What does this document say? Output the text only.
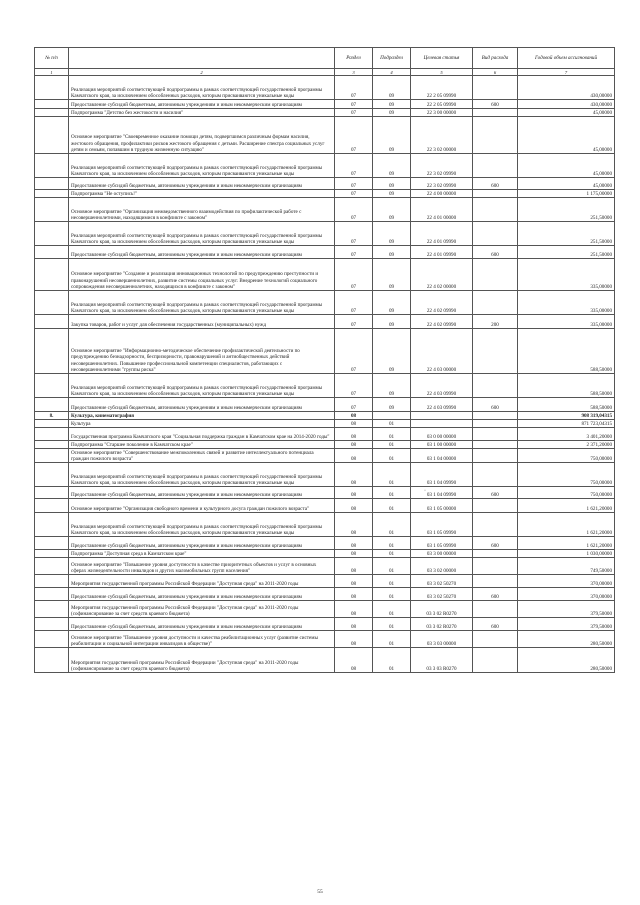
№ п/п		Раздел	Подраздел	Целевая статья	Вид расхода	Годовой объем ассигнований
1	2	3	4	5	6	7
	Реализация мероприятий соответствующей подпрограммы в рамках соответствующей государственной программы Камчатского края, за исключением обособленных расходов, которым присваиваются уникальные коды	07	09	22 2 05 09990		430,00000
	Предоставление субсидий бюджетным, автономным учреждениям и иным некоммерческим организациям	07	09	22 2 05 09990	600	430,00000
	Подпрограмма "Детство без жестокости и насилия"	07	09	22 3 00 00000		45,00000
	Основное мероприятие "Своевременное оказание помощи детям, подвергшимся различным формам насилия, жестокого обращения, профилактики рисков жестокого обращения с детьми. Расширение спектра социальных услуг детям и семьям, попавшим в трудную жизненную ситуацию"	07	09	22 3 02 00000		45,00000
	Реализация мероприятий соответствующей подпрограммы в рамках соответствующей государственной программы Камчатского края, за исключением обособленных расходов, которым присваиваются уникальные коды	07	09	22 3 02 09990		45,00000
	Предоставление субсидий бюджетным, автономным учреждениям и иным некоммерческим организациям	07	09	22 3 02 09990	600	45,00000
	Подпрограмма "Не оступись!"	07	09	22 4 00 00000		1 175,00000
	Основное мероприятие "Организация межведомственного взаимодействия по профилактической работе с несовершеннолетними, находящимися в конфликте с законом"	07	09	22 4 01 00000		251,50000
	Реализация мероприятий соответствующей подпрограммы в рамках соответствующей государственной программы Камчатского края, за исключением обособленных расходов, которым присваиваются уникальные коды	07	09	22 4 01 09990		251,50000
	Предоставление субсидий бюджетным, автономным учреждениям и иным некоммерческим организациям	07	09	22 4 01 09990	600	251,50000
	Основное мероприятие "Создание и реализация инновационных технологий по предупреждению преступности и правонарушений несовершеннолетних, развитие системы социальных услуг. Внедрение технологий социального сопровождения несовершеннолетних, находящихся в конфликте с законом"	07	09	22 4 02 00000		335,00000
	Реализация мероприятий соответствующей подпрограммы в рамках соответствующей государственной программы Камчатского края, за исключением обособленных расходов, которым присваиваются уникальные коды	07	09	22 4 02 09990		335,00000
	Закупка товаров, работ и услуг для обеспечения государственных (муниципальных) нужд	07	09	22 4 02 09990	200	335,00000
	Основное мероприятие "Информационно-методическое обеспечение профилактической деятельности по предупреждению безнадзорности, беспризорности, правонарушений и антиобщественных действий несовершеннолетних. Повышение профессиональной компетенции специалистов, работающих с несовершеннолетними "группы риска"	07	09	22 4 03 00000		588,50000
	Реализация мероприятий соответствующей подпрограммы в рамках соответствующей государственной программы Камчатского края, за исключением обособленных расходов, которым присваиваются уникальные коды	07	09	22 4 03 09990		588,50000
	Предоставление субсидий бюджетным, автономным учреждениям и иным некоммерческим организациям	07	09	22 4 03 09990	600	588,50000
8.	Культура, кинематография	08				908 319,04315
	Культура	08	01			871 723,04315
	Государственная программа Камчатского края "Социальная поддержка граждан в Камчатском крае на 2014-2020 годы"	08	01	03 0 00 00000		3 401,20000
	Подпрограмма "Старшее поколение в Камчатском крае"	08	01	03 1 00 00000		2 371,20000
	Основное мероприятие "Совершенствование межпоколенных связей и развитие интеллектуального потенциала граждан пожилого возраста"	08	01	03 1 04 00000		750,00000
	Реализация мероприятий соответствующей подпрограммы в рамках соответствующей государственной программы Камчатского края, за исключением обособленных расходов, которым присваиваются уникальные коды	08	01	03 1 04 09990		750,00000
	Предоставление субсидий бюджетным, автономным учреждениям и иным некоммерческим организациям	08	01	03 1 04 09990	600	750,00000
	Основное мероприятие "Организация свободного времени и культурного досуга граждан пожилого возраста"	08	01	03 1 05 00000		1 621,20000
	Реализация мероприятий соответствующей подпрограммы в рамках соответствующей государственной программы Камчатского края, за исключением обособленных расходов, которым присваиваются уникальные коды	08	01	03 1 05 09990		1 621,20000
	Предоставление субсидий бюджетным, автономным учреждениям и иным некоммерческим организациям	08	01	03 1 05 09990	600	1 621,20000
	Подпрограмма "Доступная среда в Камчатском крае"	08	01	03 3 00 00000		1 030,00000
	Основное мероприятие "Повышение уровня доступности в качестве приоритетных объектов и услуг в основных сферах жизнедеятельности инвалидов и других маломобильных групп населения"	08	01	03 3 02 00000		749,50000
	Мероприятия государственной программы Российской Федерации "Доступная среда" на 2011-2020 годы	08	01	03 3 02 50270		370,00000
	Предоставление субсидий бюджетным, автономным учреждениям и иным некоммерческим организациям	08	01	03 3 02 50270	600	370,00000
	Мероприятия государственной программы Российской Федерации "Доступная среда" на 2011-2020 годы (софинансирование за счет средств краевого бюджета)	08	01	03 3 02 R0270		379,50000
	Предоставление субсидий бюджетным, автономным учреждениям и иным некоммерческим организациям	08	01	03 3 02 R0270	600	379,50000
	Основное мероприятие "Повышение уровня доступности и качества реабилитационных услуг (развитие системы реабилитации и социальной интеграции инвалидов в обществе)"	08	01	03 3 03 00000		280,50000
	Мероприятия государственной программы Российской Федерации "Доступная среда" на 2011-2020 годы (софинансирование за счет средств краевого бюджета)	08	01	03 3 03 R0270		280,50000
·
55
